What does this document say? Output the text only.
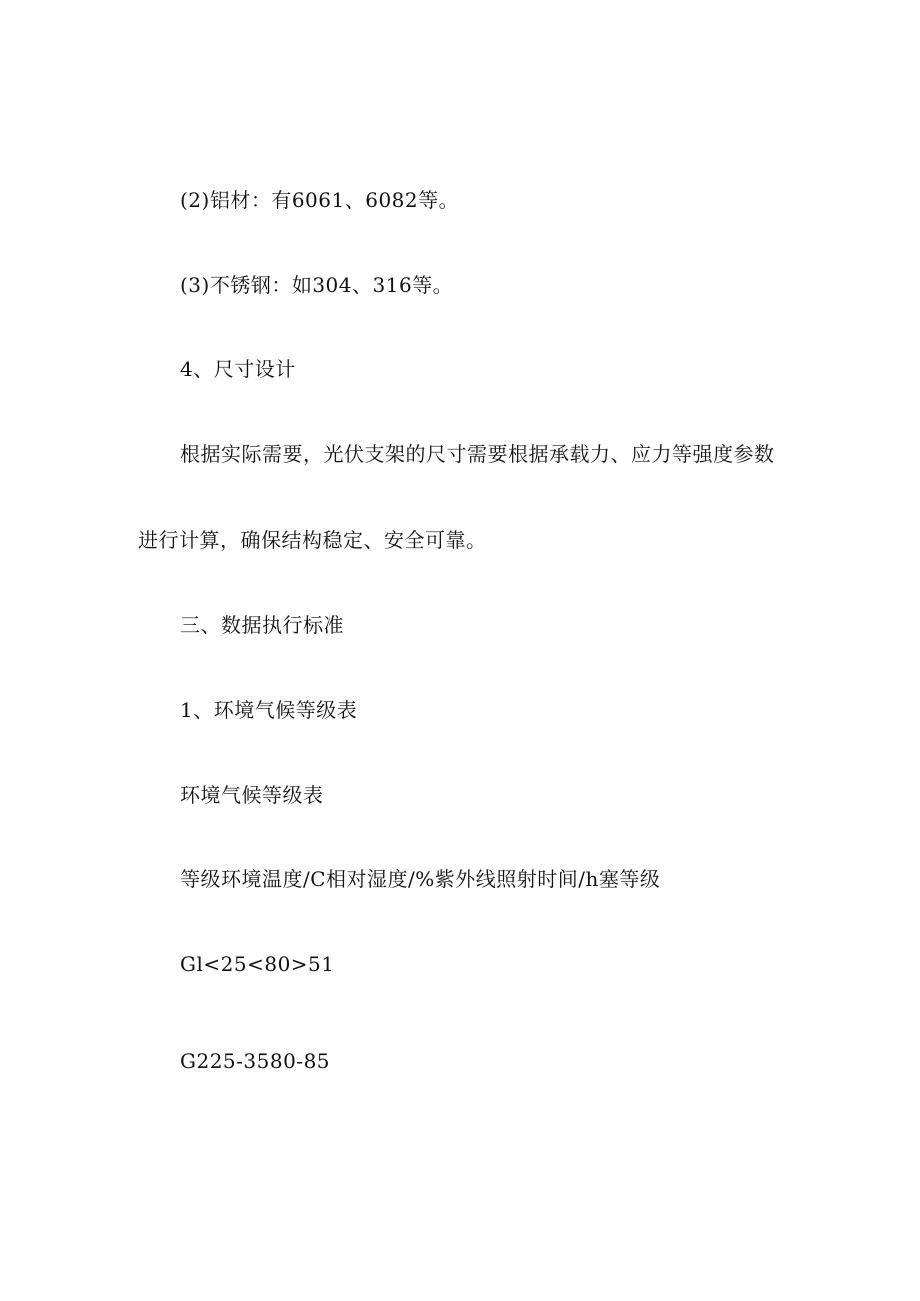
(2)铝材：有6061、6082等。
(3)不锈钢：如304、316等。
4、尺寸设计
根据实际需要，光伏支架的尺寸需要根据承载力、应力等强度参数
进行计算，确保结构稳定、安全可靠。
三、数据执行标准
1、环境气候等级表
环境气候等级表
等级环境温度/C相对湿度/%紫外线照射时间/h塞等级
Gl<25<80>51
G225-3580-85
